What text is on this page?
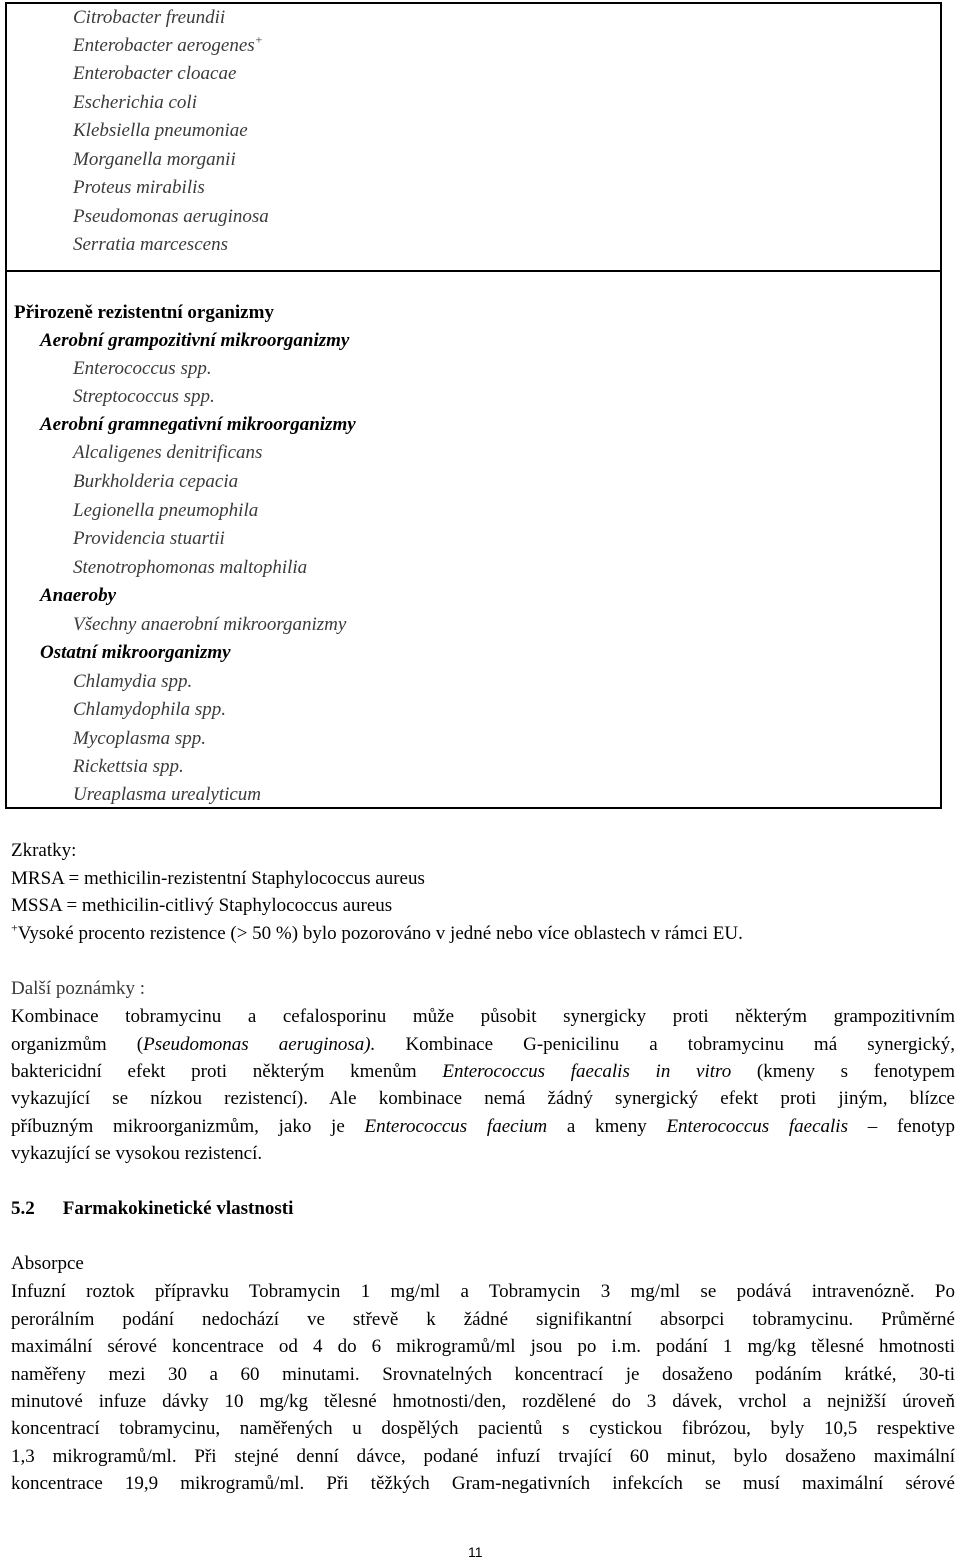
Citrobacter freundii
Enterobacter aerogenes+
Enterobacter cloacae
Escherichia coli
Klebsiella pneumoniae
Morganella morganii
Proteus mirabilis
Pseudomonas aeruginosa
Serratia marcescens
Přirozeně rezistentní organizmy
Aerobní grampozitivní mikroorganizmy
Enterococcus spp.
Streptococcus spp.
Aerobní gramnegativní mikroorganizmy
Alcaligenes denitrificans
Burkholderia cepacia
Legionella pneumophila
Providencia stuartii
Stenotrophomonas maltophilia
Anaeroby
Všechny anaerobní mikroorganizmy
Ostatní mikroorganizmy
Chlamydia spp.
Chlamydophila spp.
Mycoplasma spp.
Rickettsia spp.
Ureaplasma urealyticum
Zkratky:
MRSA = methicilin-rezistentní Staphylococcus aureus
MSSA = methicilin-citlivý Staphylococcus aureus
+Vysoké procento rezistence (> 50 %) bylo pozorováno v jedné nebo více oblastech v rámci EU.
Další poznámky :
Kombinace tobramycinu a cefalosporinu může působit synergicky proti některým grampozitivním
organizmům (Pseudomonas aeruginosa). Kombinace G-penicilinu a tobramycinu má synergický,
baktericidní efekt proti některým kmenům Enterococcus faecalis in vitro (kmeny s fenotypem
vykazující se nízkou rezistencí). Ale kombinace nemá žádný synergický efekt proti jiným, blízce
příbuzným mikroorganizmům, jako je Enterococcus faecium a kmeny Enterococcus faecalis – fenotyp
vykazující se vysokou rezistencí.
5.2 Farmakokinetické vlastnosti
Absorpce
Infuzní roztok přípravku Tobramycin 1 mg/ml a Tobramycin 3 mg/ml se podává intravenózně. Po
perorálním podání nedochází ve střevě k žádné signifikantní absorpci tobramycinu. Průměrné
maximální sérové koncentrace od 4 do 6 mikrogramů/ml jsou po i.m. podání 1 mg/kg tělesné hmotnosti
naměřeny mezi 30 a 60 minutami. Srovnatelných koncentrací je dosaženo podáním krátké, 30-ti
minutové infuze dávky 10 mg/kg tělesné hmotnosti/den, rozdělené do 3 dávek, vrchol a nejnižší úroveň
koncentrací tobramycinu, naměřených u dospělých pacientů s cystickou fibrózou, byly 10,5 respektive
1,3 mikrogramů/ml. Při stejné denní dávce, podané infuzí trvající 60 minut, bylo dosaženo maximální
koncentrace 19,9 mikrogramů/ml. Při těžkých Gram-negativních infekcích se musí maximální sérové
11
